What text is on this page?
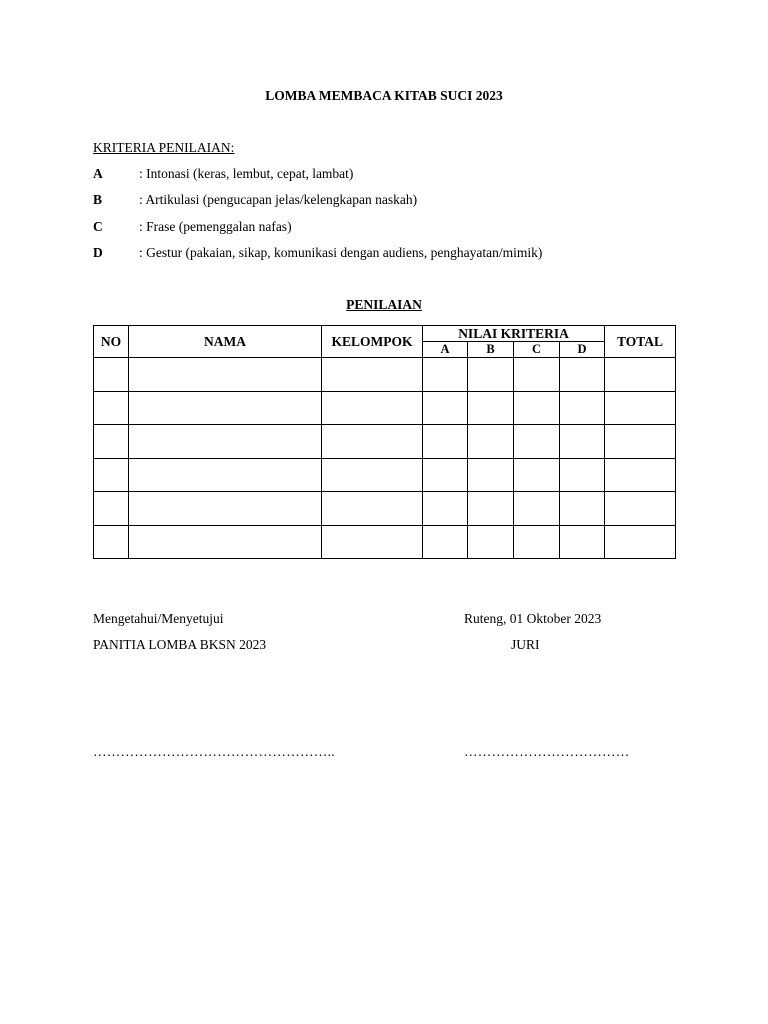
LOMBA MEMBACA KITAB SUCI 2023
KRITERIA PENILAIAN:
A	: Intonasi (keras, lembut, cepat, lambat)
B	: Artikulasi (pengucapan jelas/kelengkapan naskah)
C	: Frase (pemenggalan nafas)
D	: Gestur (pakaian, sikap, komunikasi dengan audiens, penghayatan/mimik)
PENILAIAN
NO	NAMA	KELOMPOK	NILAI KRITERIA				TOTAL
			A	B	C	D	

Mengetahui/Menyetujui
PANITIA LOMBA BKSN 2023
Ruteng, 01 Oktober 2023
JURI
……………………………………………..	………………………………
